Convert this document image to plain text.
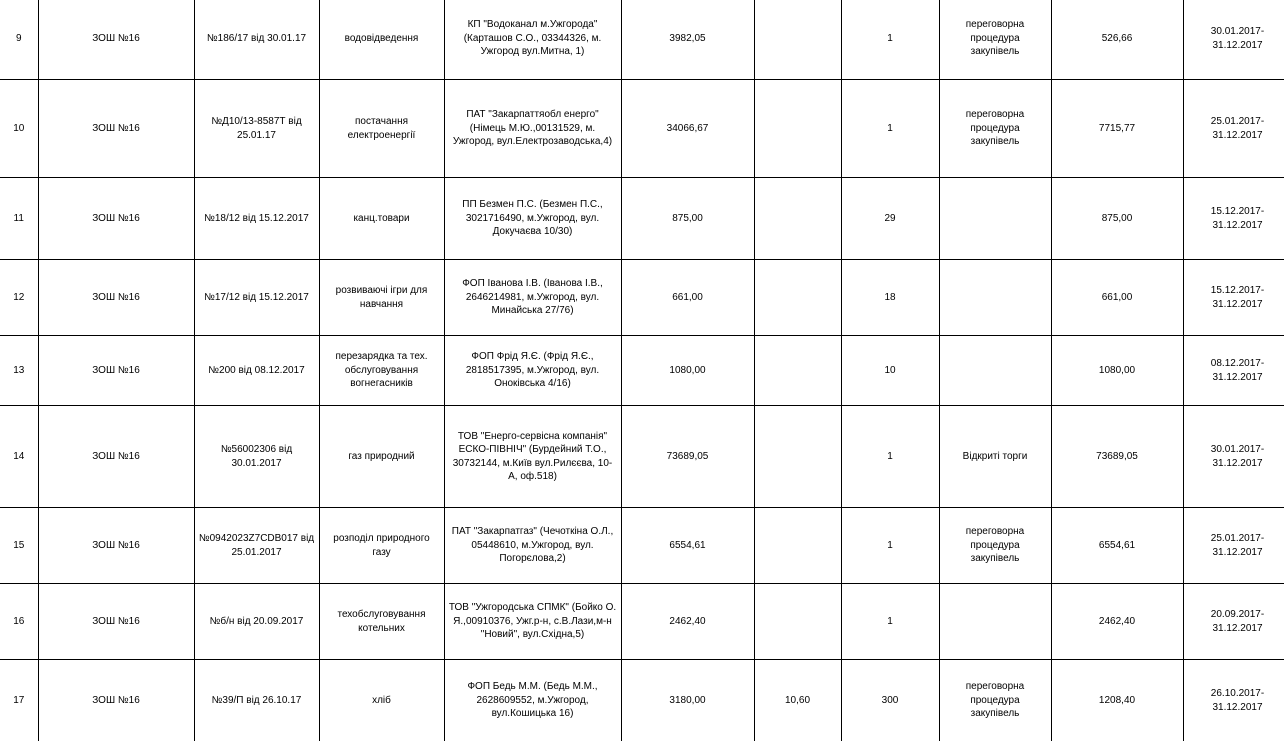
9	ЗОШ №16	№186/17 від 30.01.17	водовідведення	КП "Водоканал м.Ужгорода"
(Карташов С.О., 03344326, м.
Ужгород вул.Митна, 1)	3982,05		1	переговорна
процедура
закупівель	526,66	30.01.2017-
31.12.2017
10	ЗОШ №16	№Д10/13-8587Т від
25.01.17	постачання
електроенергії	ПАТ "Закарпаттяобл енерго"
(Німець М.Ю.,00131529, м.
Ужгород, вул.Електрозаводська,4)	34066,67		1	переговорна
процедура
закупівель	7715,77	25.01.2017-
31.12.2017
11	ЗОШ №16	№18/12 від 15.12.2017	канц.товари	ПП Безмен П.С. (Безмен П.С.,
3021716490, м.Ужгород, вул.
Докучаєва 10/30)	875,00		29		875,00	15.12.2017-
31.12.2017
12	ЗОШ №16	№17/12 від 15.12.2017	розвиваючі ігри для
навчання	ФОП Іванова І.В. (Іванова І.В.,
2646214981, м.Ужгород, вул.
Минайська 27/76)	661,00		18		661,00	15.12.2017-
31.12.2017
13	ЗОШ №16	№200 від 08.12.2017	перезарядка та тех.
обслуговування
вогнегасників	ФОП Фрід Я.Є. (Фрід Я.Є.,
2818517395, м.Ужгород, вул.
Оноківська 4/16)	1080,00		10		1080,00	08.12.2017-
31.12.2017
14	ЗОШ №16	№56002306 від
30.01.2017	газ природний	ТОВ "Енерго-сервісна компанія"
ЕСКО-ПІВНІЧ" (Бурдейний Т.О.,
30732144, м.Київ вул.Рилєєва, 10-
А, оф.518)	73689,05		1	Відкриті торги	73689,05	30.01.2017-
31.12.2017
15	ЗОШ №16	№0942023Z7CDB017 від
25.01.2017	розподіл природного
газу	ПАТ "Закарпатгаз" (Чечоткіна О.Л.,
05448610, м.Ужгород, вул.
Погорєлова,2)	6554,61		1	переговорна
процедура
закупівель	6554,61	25.01.2017-
31.12.2017
16	ЗОШ №16	№б/н від 20.09.2017	техобслуговування
котельних	ТОВ "Ужгородська СПМК" (Бойко О.
Я.,00910376, Ужг.р-н, с.В.Лази,м-н
"Новий", вул.Східна,5)	2462,40		1		2462,40	20.09.2017-
31.12.2017
17	ЗОШ №16	№39/П від 26.10.17	хліб	ФОП Бедь М.М. (Бедь М.М.,
2628609552, м.Ужгород,
вул.Кошицька 16)	3180,00	10,60	300	переговорна
процедура
закупівель	1208,40	26.10.2017-
31.12.2017
